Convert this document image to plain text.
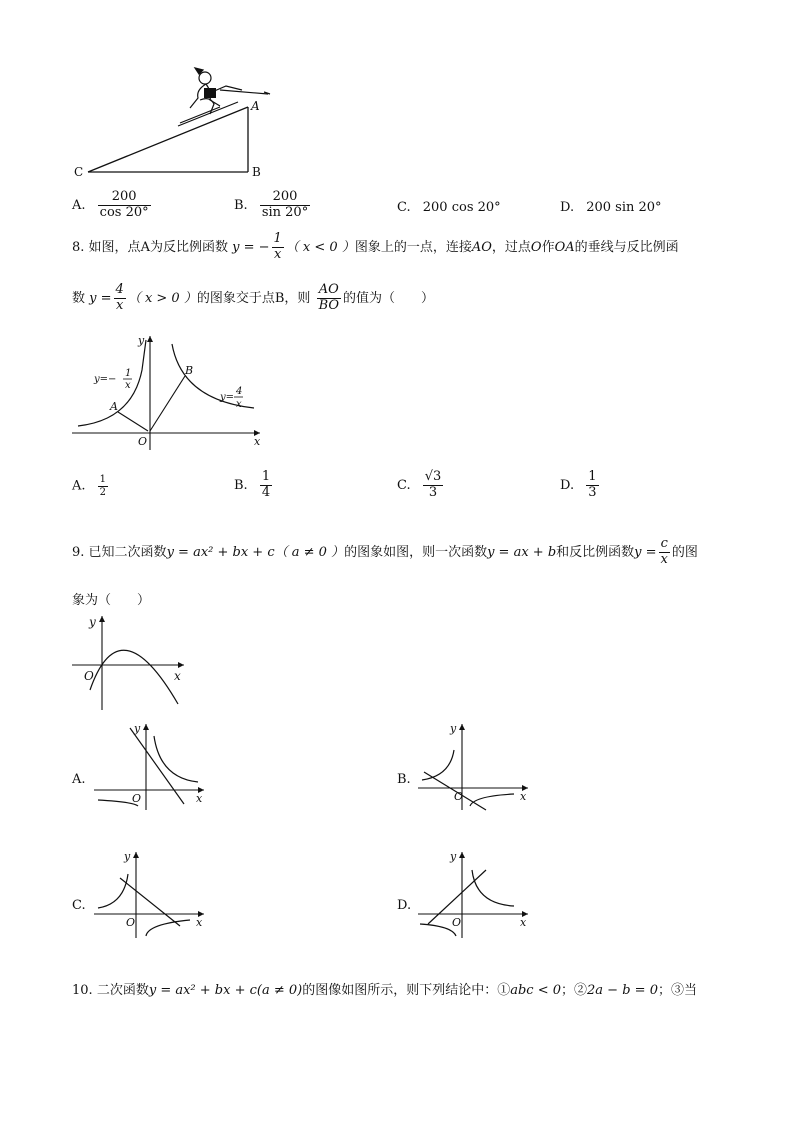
A
B
C
A. $\frac{200}{\cos 20^\circ}$	B. $\frac{200}{\sin 20^\circ}$	C. 200 cos 20°	D. 200 sin 20°
8. 如图，点A为反比例函数 y = − $\frac{1}{x}$ （ x < 0 ）图象上的一点，连接AO，过点O作OA的垂线与反比例函
数 $y = \frac{4}{x}$ （ x > 0 ）的图象交于点B，则 $\frac{AO}{BO}$ 的值为（　　）
y
x
O
A
B
y=−
1
x
y=
4
x
A. $\frac{1}{2}$	B. $\frac{1}{4}$	C. $\frac{√3}{3}$	D. $\frac{1}{3}$
9. 已知二次函数y = ax² + bx + c（ a ≠ 0 ）的图象如图，则一次函数y = ax + b和反比例函数$y = \frac{c}{x}$ 的图
象为（　　）
y
x
O
A.
y
x
O
B.
y
x
O
C.
y
x
O
D.
y
x
O
10. 二次函数y = ax² + bx + c(a ≠ 0)的图像如图所示，则下列结论中：①abc < 0；②2a − b = 0；③当
